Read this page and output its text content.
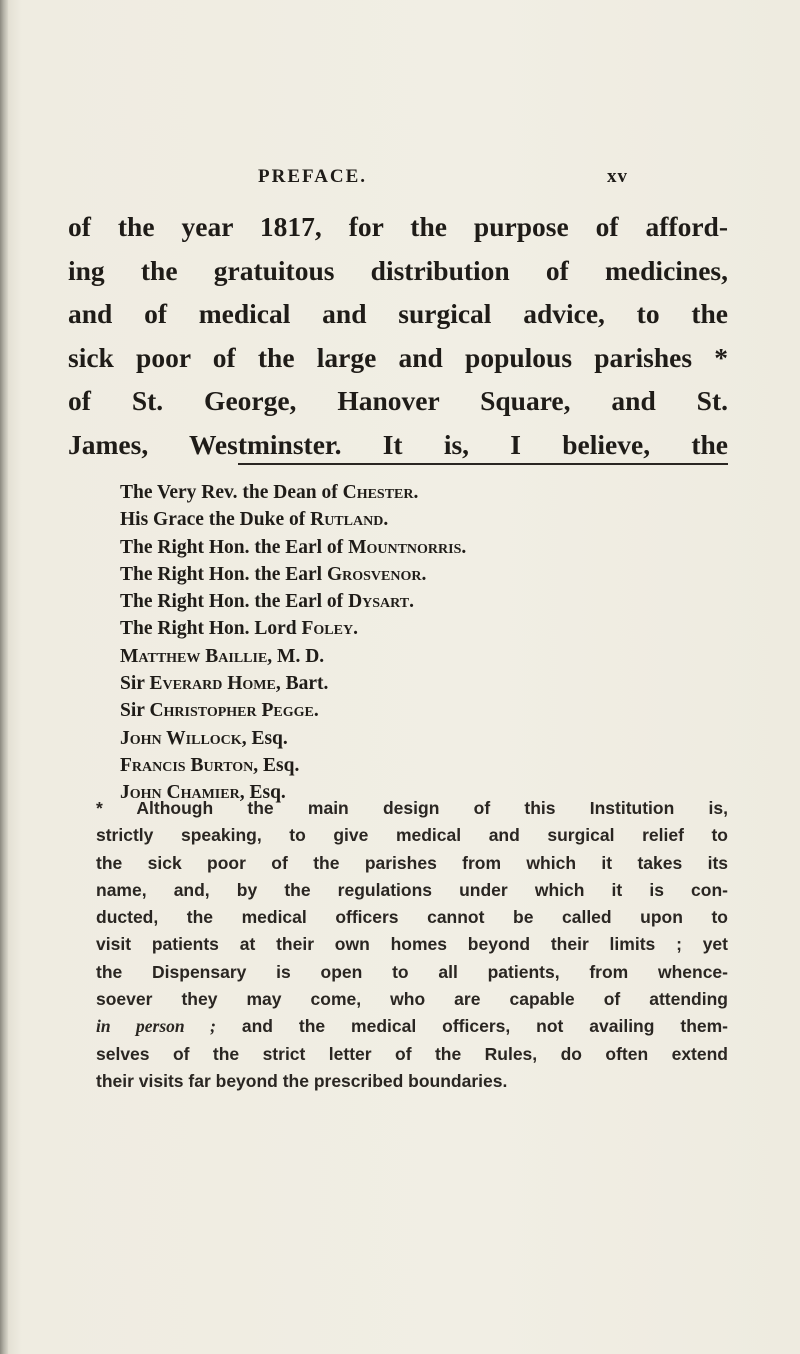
PREFACE.	xv
of the year 1817, for the purpose of afford-
ing the gratuitous distribution of medicines,
and of medical and surgical advice, to the
sick poor of the large and populous parishes *
of St. George, Hanover Square, and St.
James, Westminster. It is, I believe, the
The Very Rev. the Dean of Chester.
His Grace the Duke of Rutland.
The Right Hon. the Earl of Mountnorris.
The Right Hon. the Earl Grosvenor.
The Right Hon. the Earl of Dysart.
The Right Hon. Lord Foley.
Matthew Baillie, M. D.
Sir Everard Home, Bart.
Sir Christopher Pegge.
John Willock, Esq.
Francis Burton, Esq.
John Chamier, Esq.
* Although the main design of this Institution is,
strictly speaking, to give medical and surgical relief to
the sick poor of the parishes from which it takes its
name, and, by the regulations under which it is con-
ducted, the medical officers cannot be called upon to
visit patients at their own homes beyond their limits ; yet
the Dispensary is open to all patients, from whence-
soever they may come, who are capable of attending
in person ; and the medical officers, not availing them-
selves of the strict letter of the Rules, do often extend
their visits far beyond the prescribed boundaries.
